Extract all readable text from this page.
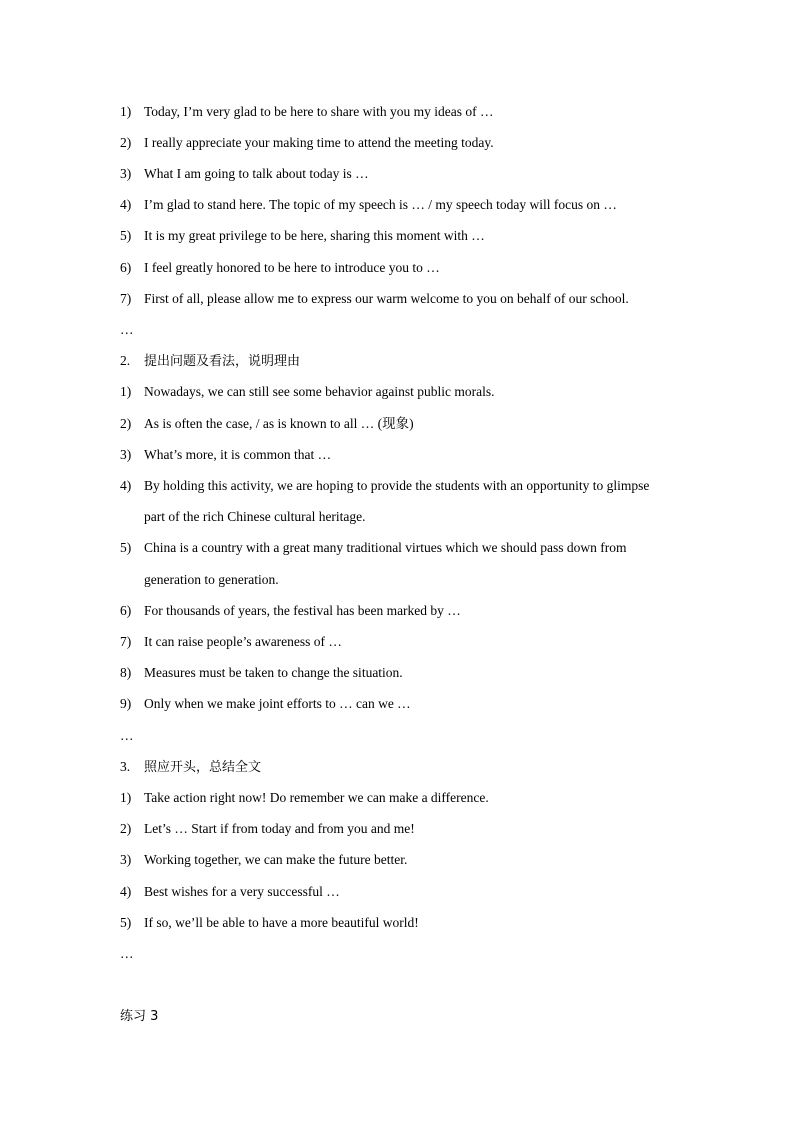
1) Today, I’m very glad to be here to share with you my ideas of …
2) I really appreciate your making time to attend the meeting today.
3) What I am going to talk about today is …
4) I’m glad to stand here. The topic of my speech is … / my speech today will focus on …
5) It is my great privilege to be here, sharing this moment with …
6) I feel greatly honored to be here to introduce you to …
7) First of all, please allow me to express our warm welcome to you on behalf of our school.
…
2. 提出问题及看法，说明理由
1) Nowadays, we can still see some behavior against public morals.
2) As is often the case, / as is known to all … (现象)
3) What’s more, it is common that …
4) By holding this activity, we are hoping to provide the students with an opportunity to glimpse
part of the rich Chinese cultural heritage.
5) China is a country with a great many traditional virtues which we should pass down from
generation to generation.
6) For thousands of years, the festival has been marked by …
7) It can raise people’s awareness of …
8) Measures must be taken to change the situation.
9) Only when we make joint efforts to … can we …
…
3. 照应开头，总结全文
1) Take action right now! Do remember we can make a difference.
2) Let’s … Start if from today and from you and me!
3) Working together, we can make the future better.
4) Best wishes for a very successful …
5) If so, we’ll be able to have a more beautiful world!
…
练习 3
